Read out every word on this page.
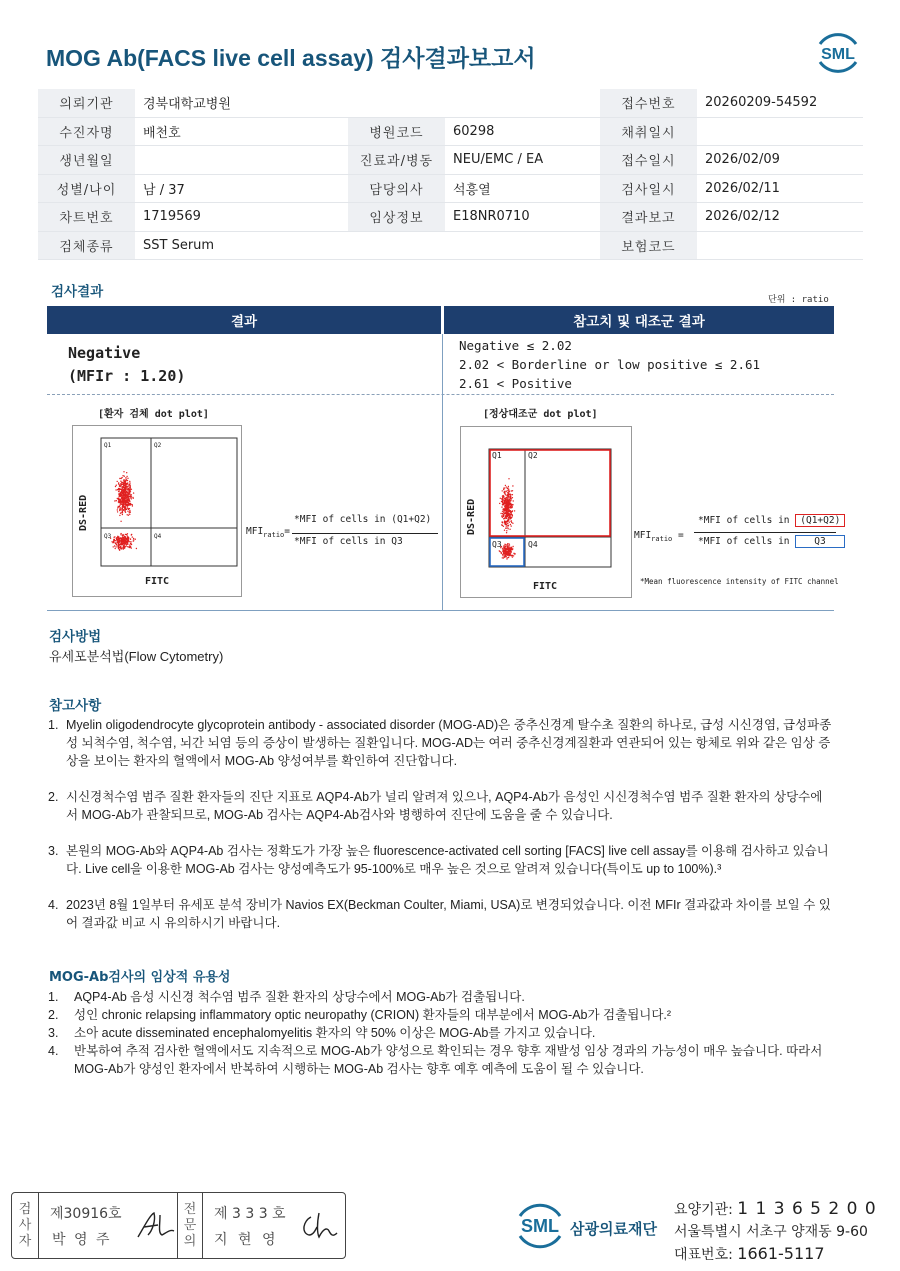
MOG Ab(FACS live cell assay) 검사결과보고서	SML
의뢰기관	경북대학교병원			접수번호	20260209-54592
수진자명	배천호	병원코드	60298	채취일시	
생년월일		진료과/병동	NEU/EMC / EA	접수일시	2026/02/09
성별/나이	남 / 37	담당의사	석흥열	검사일시	2026/02/11
차트번호	1719569	임상정보	E18NR0710	결과보고	2026/02/12
검체종류	SST Serum			보험코드	
검사결과	단위 : ratio
결과	참고치 및 대조군 결과
Negative
(MFIr : 1.20)
Negative ≤ 2.02
2.02 < Borderline or low positive ≤ 2.61
2.61 < Positive
[환자 검체 dot plot]
Q1	Q2
Q3	Q4
FITC
DS-RED
$MFI_{ratio}=$
*MFI of cells in (Q1+Q2)
*MFI of cells in Q3
[정상대조군 dot plot]
Q1	Q2
Q3	Q4
FITC
DS-RED
$MFI_{ratio}$ =
*MFI of cells in (Q1+Q2)
*MFI of cells in	Q3
*Mean fluorescence intensity of FITC channel
검사방법
유세포분석법(Flow Cytometry)
참고사항
1. Myelin oligodendrocyte glycoprotein antibody - associated disorder (MOG-AD)은 중추신경계 탈수초 질환의 하나로, 급성 시신경염, 급성파종성 뇌척수염, 척수염, 뇌간 뇌염 등의 증상이 발생하는 질환입니다. MOG-AD는 여러 중추신경계질환과 연관되어 있는 항체로 위와 같은 임상 증상을 보이는 환자의 혈액에서 MOG-Ab 양성여부를 확인하여 진단합니다.
2. 시신경척수염 범주 질환 환자들의 진단 지표로 AQP4-Ab가 널리 알려져 있으나, AQP4-Ab가 음성인 시신경척수염 범주 질환 환자의 상당수에서 MOG-Ab가 관찰되므로, MOG-Ab 검사는 AQP4-Ab검사와 병행하여 진단에 도움을 줄 수 있습니다.
3. 본원의 MOG-Ab와 AQP4-Ab 검사는 정확도가 가장 높은 fluorescence-activated cell sorting [FACS] live cell assay를 이용해 검사하고 있습니다. Live cell을 이용한 MOG-Ab 검사는 양성예측도가 95-100%로 매우 높은 것으로 알려져 있습니다(특이도 up to 100%).³
4. 2023년 8월 1일부터 유세포 분석 장비가 Navios EX(Beckman Coulter, Miami, USA)로 변경되었습니다. 이전 MFIr 결과값과 차이를 보일 수 있어 결과값 비교 시 유의하시기 바랍니다.
MOG-Ab검사의 임상적 유용성
1. AQP4-Ab 음성 시신경 척수염 범주 질환 환자의 상당수에서 MOG-Ab가 검출됩니다.
2. 성인 chronic relapsing inflammatory optic neuropathy (CRION) 환자들의 대부분에서 MOG-Ab가 검출됩니다.²
3. 소아 acute disseminated encephalomyelitis 환자의 약 50% 이상은 MOG-Ab를 가지고 있습니다.
4. 반복하여 추적 검사한 혈액에서도 지속적으로 MOG-Ab가 양성으로 확인되는 경우 향후 재발성 임상 경과의 가능성이 매우 높습니다. 따라서 MOG-Ab가 양성인 환자에서 반복하여 시행하는 MOG-Ab 검사는 향후 예후 예측에 도움이 될 수 있습니다.
검
사
자
제30916호
박 영 주
전
문
의
제 3 3 3 호
지 현 영
SML 삼광의료재단
요양기관: 1 1 3 6 5 2 0 0
서울특별시 서초구 양재동 9-60
대표번호: 1661-5117
